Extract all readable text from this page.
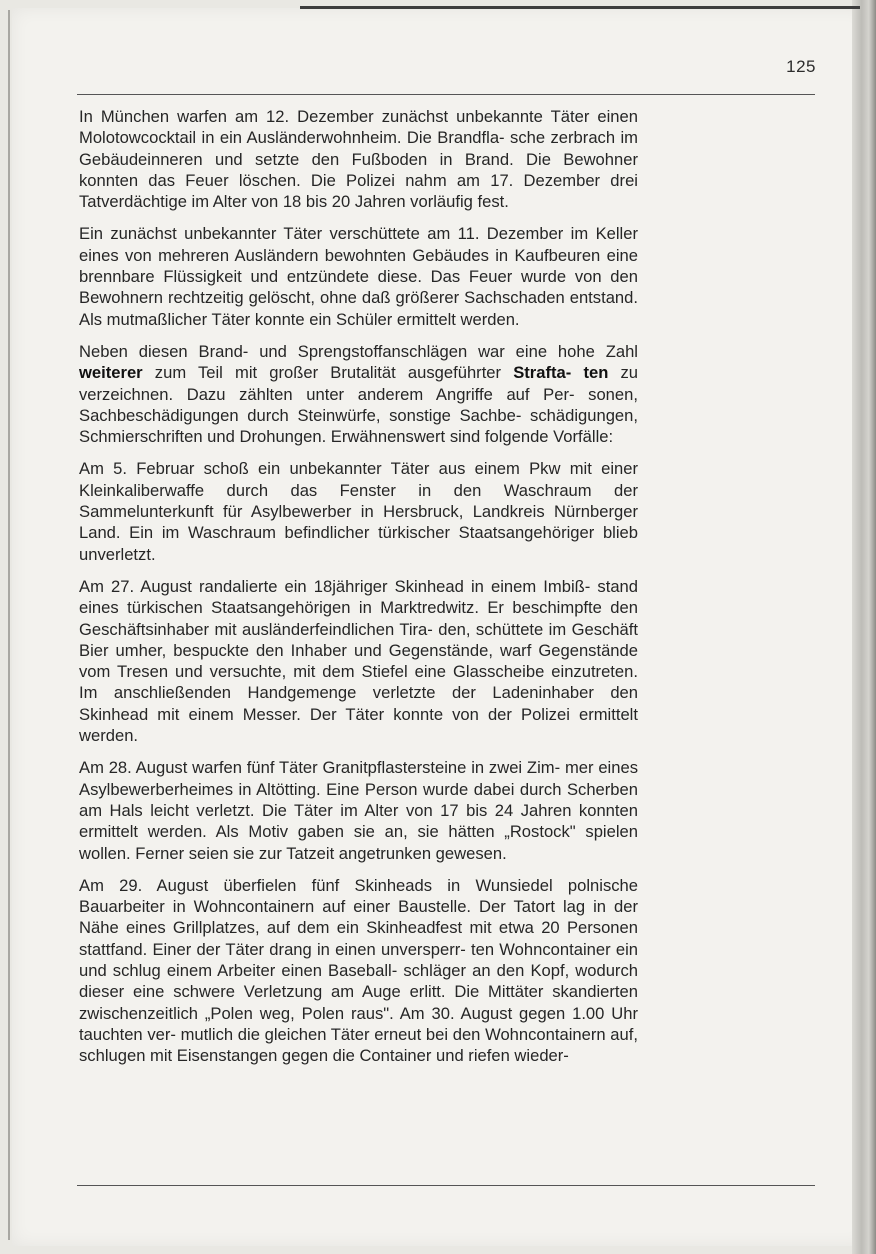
125

In München warfen am 12. Dezember zunächst unbekannte Täter einen Molotowcocktail in ein Ausländerwohnheim. Die Brandfla- sche zerbrach im Gebäudeinneren und setzte den Fußboden in Brand. Die Bewohner konnten das Feuer löschen. Die Polizei nahm am 17. Dezember drei Tatverdächtige im Alter von 18 bis 20 Jahren vorläufig fest.

Ein zunächst unbekannter Täter verschüttete am 11. Dezember im Keller eines von mehreren Ausländern bewohnten Gebäudes in Kaufbeuren eine brennbare Flüssigkeit und entzündete diese. Das Feuer wurde von den Bewohnern rechtzeitig gelöscht, ohne daß größerer Sachschaden entstand. Als mutmaßlicher Täter konnte ein Schüler ermittelt werden.

Neben diesen Brand- und Sprengstoffanschlägen war eine hohe Zahl weiterer zum Teil mit großer Brutalität ausgeführter Strafta- ten zu verzeichnen. Dazu zählten unter anderem Angriffe auf Per- sonen, Sachbeschädigungen durch Steinwürfe, sonstige Sachbe- schädigungen, Schmierschriften und Drohungen. Erwähnenswert sind folgende Vorfälle:

Am 5. Februar schoß ein unbekannter Täter aus einem Pkw mit einer Kleinkaliberwaffe durch das Fenster in den Waschraum der Sammelunterkunft für Asylbewerber in Hersbruck, Landkreis Nürnberger Land. Ein im Waschraum befindlicher türkischer Staatsangehöriger blieb unverletzt.

Am 27. August randalierte ein 18jähriger Skinhead in einem Imbiß- stand eines türkischen Staatsangehörigen in Marktredwitz. Er beschimpfte den Geschäftsinhaber mit ausländerfeindlichen Tira- den, schüttete im Geschäft Bier umher, bespuckte den Inhaber und Gegenstände, warf Gegenstände vom Tresen und versuchte, mit dem Stiefel eine Glasscheibe einzutreten. Im anschließenden Handgemenge verletzte der Ladeninhaber den Skinhead mit einem Messer. Der Täter konnte von der Polizei ermittelt werden.

Am 28. August warfen fünf Täter Granitpflastersteine in zwei Zim- mer eines Asylbewerberheimes in Altötting. Eine Person wurde dabei durch Scherben am Hals leicht verletzt. Die Täter im Alter von 17 bis 24 Jahren konnten ermittelt werden. Als Motiv gaben sie an, sie hätten „Rostock" spielen wollen. Ferner seien sie zur Tatzeit angetrunken gewesen.

Am 29. August überfielen fünf Skinheads in Wunsiedel polnische Bauarbeiter in Wohncontainern auf einer Baustelle. Der Tatort lag in der Nähe eines Grillplatzes, auf dem ein Skinheadfest mit etwa 20 Personen stattfand. Einer der Täter drang in einen unversperr- ten Wohncontainer ein und schlug einem Arbeiter einen Baseball- schläger an den Kopf, wodurch dieser eine schwere Verletzung am Auge erlitt. Die Mittäter skandierten zwischenzeitlich „Polen weg, Polen raus". Am 30. August gegen 1.00 Uhr tauchten ver- mutlich die gleichen Täter erneut bei den Wohncontainern auf, schlugen mit Eisenstangen gegen die Container und riefen wieder-
